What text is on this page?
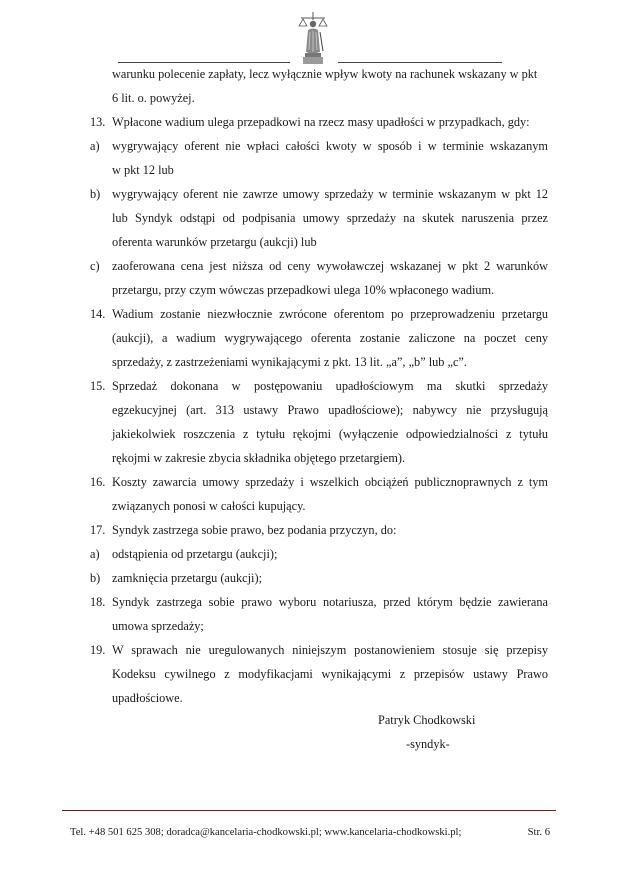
warunku polecenie zapłaty, lecz wyłącznie wpływ kwoty na rachunek wskazany w pkt
6 lit. o. powyżej.
13. Wpłacone wadium ulega przepadkowi na rzecz masy upadłości w przypadkach, gdy:
a) wygrywający oferent nie wpłaci całości kwoty w sposób i w terminie wskazanym
w pkt 12 lub
b) wygrywający oferent nie zawrze umowy sprzedaży w terminie wskazanym w pkt 12
lub Syndyk odstąpi od podpisania umowy sprzedaży na skutek naruszenia przez
oferenta warunków przetargu (aukcji) lub
c) zaoferowana cena jest niższa od ceny wywoławczej wskazanej w pkt 2 warunków
przetargu, przy czym wówczas przepadkowi ulega 10% wpłaconego wadium.
14. Wadium zostanie niezwłocznie zwrócone oferentom po przeprowadzeniu przetargu
(aukcji), a wadium wygrywającego oferenta zostanie zaliczone na poczet ceny
sprzedaży, z zastrzeżeniami wynikającymi z pkt. 13 lit. „a”, „b” lub „c”.
15. Sprzedaż dokonana w postępowaniu upadłościowym ma skutki sprzedaży
egzekucyjnej (art. 313 ustawy Prawo upadłościowe); nabywcy nie przysługują
jakiekolwiek roszczenia z tytułu rękojmi (wyłączenie odpowiedzialności z tytułu
rękojmi w zakresie zbycia składnika objętego przetargiem).
16. Koszty zawarcia umowy sprzedaży i wszelkich obciążeń publicznoprawnych z tym
związanych ponosi w całości kupujący.
17. Syndyk zastrzega sobie prawo, bez podania przyczyn, do:
a) odstąpienia od przetargu (aukcji);
b) zamknięcia przetargu (aukcji);
18. Syndyk zastrzega sobie prawo wyboru notariusza, przed którym będzie zawierana
umowa sprzedaży;
19. W sprawach nie uregulowanych niniejszym postanowieniem stosuje się przepisy
Kodeksu cywilnego z modyfikacjami wynikającymi z przepisów ustawy Prawo
upadłościowe.
Patryk Chodkowski
-syndyk-
Tel. +48 501 625 308; doradca@kancelaria-chodkowski.pl; www.kancelaria-chodkowski.pl;	Str. 6
